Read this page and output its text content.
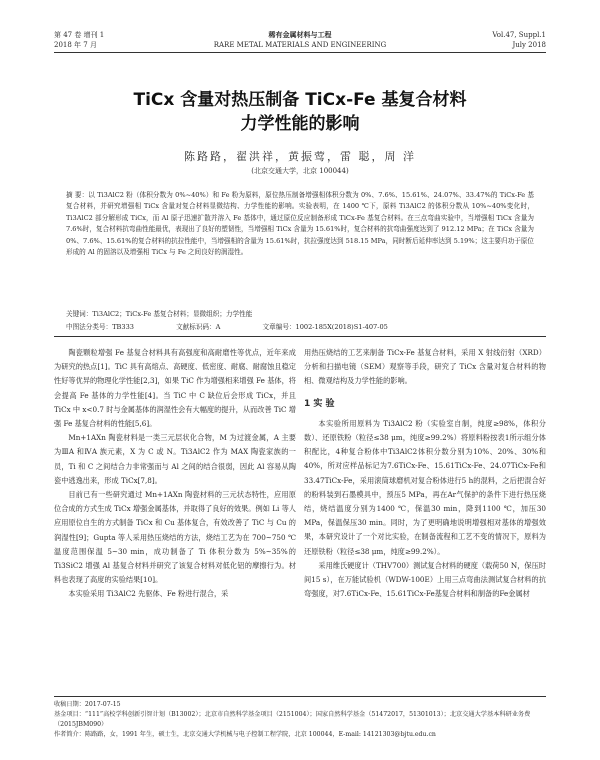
第 47 卷 增刊 1
2018 年 7 月
稀有金属材料与工程
RARE METAL MATERIALS AND ENGINEERING
Vol.47, Suppl.1
July 2018
TiCx 含量对热压制备 TiCx-Fe 基复合材料
力学性能的影响
陈路路，翟洪祥，黄振莺，雷 聪，周 洋
(北京交通大学，北京 100044)
摘 要：以 Ti3AlC2 粉（体积分数为 0%~40%）和 Fe 粉为原料，原位热压制备增强相体积分数为 0%、7.6%、15.61%、24.07%、33.47%的 TiCx-Fe 基复合材料，并研究增强相 TiCx 含量对复合材料显微结构、力学性能的影响。实验表明，在 1400 ℃下，原料 Ti3AlC2 的体积分数从 10%~40%变化时，Ti3AlC2 部分解形成 TiCx，而 Al 原子迅速扩散并溶入 Fe 基体中，通过原位反应制备形成 TiCx-Fe 基复合材料。在三点弯曲实验中，当增强相 TiCx 含量为 7.6%时，复合材料抗弯曲性能最优，表现出了良好的塑韧性，当增强相 TiCx 含量为 15.61%时，复合材料的抗弯曲强度达到了 912.12 MPa；在 TiCx 含量为 0%、7.6%、15.61%的复合材料的抗拉性能中，当增强相的含量为 15.61%时，抗拉强度达到 518.15 MPa，同时断后延伸率达到 5.19%；这主要归功于原位形成的 Al 的固溶以及增强相 TiCx 与 Fe 之间良好的润湿性。
关键词：Ti3AlC2；TiCx-Fe 基复合材料；显微组织；力学性能
中图法分类号：TB333	文献标识码：A	文章编号：1002-185X(2018)S1-407-05

陶瓷颗粒增强 Fe 基复合材料具有高强度和高耐磨性等优点，近年来成为研究的热点[1]。TiC 具有高熔点、高硬度、低密度、耐腐、耐腐蚀且稳定性好等优异的物理化学性能[2,3]，如果 TiC 作为增强相来增强 Fe 基体，将会提高 Fe 基体的力学性能[4]。当 TiC 中 C 缺位后会形成 TiCx，并且 TiCx 中 x<0.7 时与金属基体的润湿性会有大幅度的提升，从而改善 TiC 增强 Fe 基复合材料的性能[5,6]。

Mn+1AXn 陶瓷材料是一类三元层状化合物，M 为过渡金属，A 主要为ⅢA 和ⅣA 族元素，X 为 C 或 N。Ti3AlC2 作为 MAX 陶瓷家族的一员，Ti 和 C 之间结合力非常强而与 Al 之间的结合很弱，因此 Al 容易从陶瓷中逃逸出来，形成 TiCx[7,8]。

目前已有一些研究通过 Mn+1AXn 陶瓷材料的三元状态特性，应用原位合成的方式生成 TiCx 增强金属基体，并取得了良好的效果。例如 Li 等人应用原位自生的方式制备 TiCx 和 Cu 基体复合，有效改善了 TiC 与 Cu 的润湿性[9]；Gupta 等人采用热压烧结的方法，烧结工艺为在 700~750 ℃温度范围保温 5~30 min，成功制备了 Ti 体积分数为 5%~35%的 Ti3SiC2 增强 Al 基复合材料并研究了该复合材料对低化铝的摩擦行为。材料也表现了高度的实验结果[10]。

本实验采用 Ti3AlC2 先驱体、Fe 粉进行混合，采

用热压烧结的工艺来制备 TiCx-Fe 基复合材料，采用 X 射线衍射（XRD）分析和扫描电镜（SEM）观察等手段，研究了 TiCx 含量对复合材料的物相、微观结构及力学性能的影响。

1 实 验

本实验所用原料为 Ti3AlC2 粉（实验室自制，纯度≥98%，体积分数）、还原铁粉（粒径≤38 μm，纯度≥99.2%）将原料粉按表1所示组分体积配比，4种复合粉体中Ti3AlC2体积分数分别为10%、20%、30%和40%，所对应样品标记为7.6TiCx-Fe、15.61TiCx-Fe、24.07TiCx-Fe和33.47TiCx-Fe，采用滚筒球磨机对复合粉体进行5 h的混料，之后把混合好的粉料装到石墨模具中，预压5 MPa，再在Ar气保护的条件下进行热压烧结，烧结温度分别为1400 ℃，保温30 min，降到1100 ℃，加压30 MPa，保温保压30 min。同时，为了更明确地说明增强相对基体的增强效果，本研究设计了一个对比实验，在制备流程和工艺不变的情况下，原料为还原铁粉（粒径≤38 μm，纯度≥99.2%）。

采用维氏硬度计（THV700）测试复合材料的硬度（载荷50 N，保压时间15 s），在万能试验机（WDW-100E）上用三点弯曲法测试复合材料的抗弯强度，对7.6TiCx-Fe、15.61TiCx-Fe基复合材料和制备的Fe金属材

收稿日期：2017-07-15
基金项目：“111”高校学科创新引智计划（B13002）；北京市自然科学基金项目（2151004）；国家自然科学基金（51472017，51301013）；北京交通大学基本科研业务费（2015JBM090）
作者简介：陈路路，女，1991 年生，硕士生，北京交通大学机械与电子控制工程学院，北京 100044，E-mail: 14121303@bjtu.edu.cn
